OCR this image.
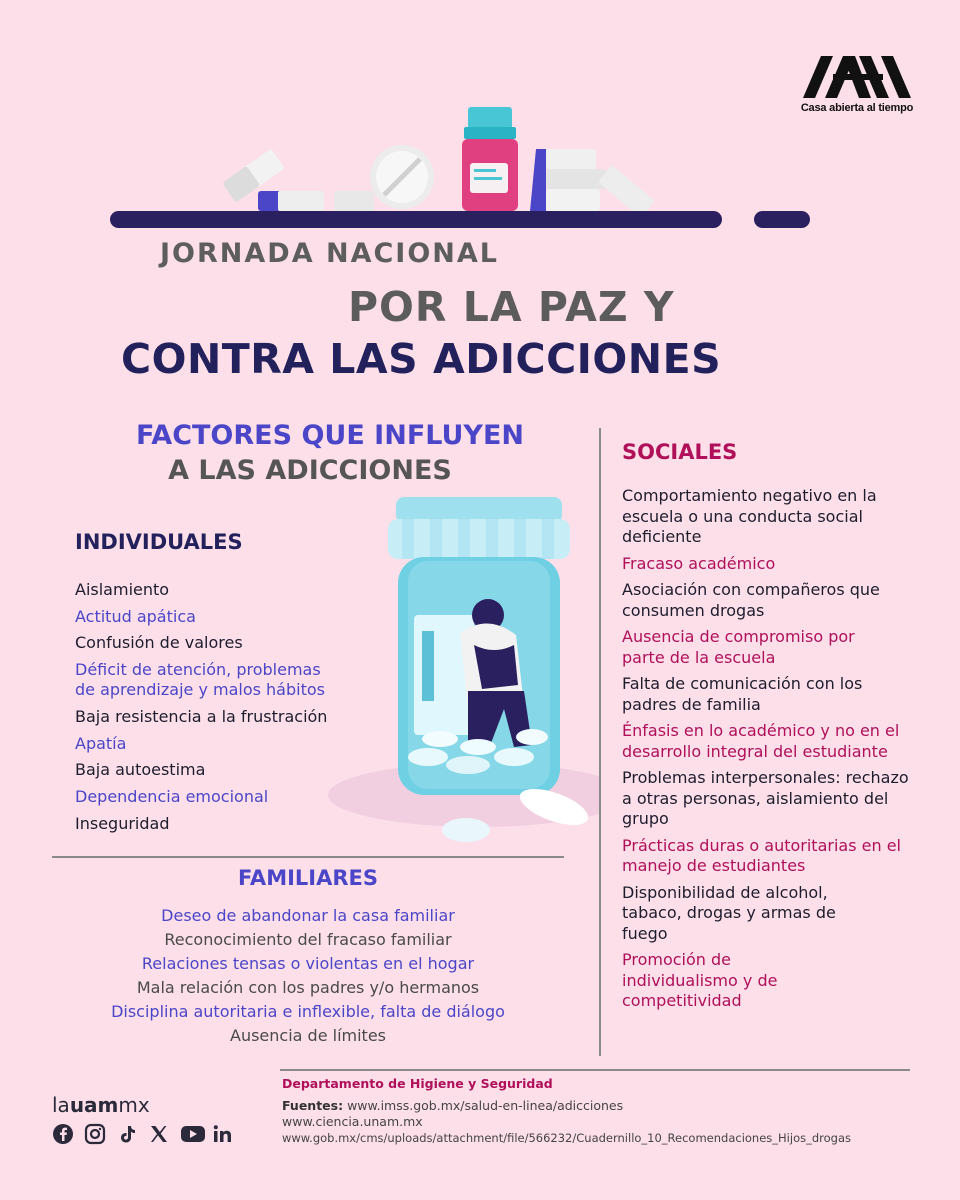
Casa abierta al tiempo
JORNADA NACIONAL
POR LA PAZ Y
CONTRA LAS ADICCIONES
FACTORES QUE INFLUYEN
A LAS ADICCIONES
INDIVIDUALES
Aislamiento
Actitud apática
Confusión de valores
Déficit de atención, problemas
de aprendizaje y malos hábitos
Baja resistencia a la frustración
Apatía
Baja autoestima
Dependencia emocional
Inseguridad
FAMILIARES
Deseo de abandonar la casa familiar
Reconocimiento del fracaso familiar
Relaciones tensas o violentas en el hogar
Mala relación con los padres y/o hermanos
Disciplina autoritaria e inflexible, falta de diálogo
Ausencia de límites
SOCIALES
Comportamiento negativo en la escuela o una conducta social deficiente
Fracaso académico
Asociación con compañeros que consumen drogas
Ausencia de compromiso por parte de la escuela
Falta de comunicación con los padres de familia
Énfasis en lo académico y no en el desarrollo integral del estudiante
Problemas interpersonales: rechazo a otras personas, aislamiento del grupo
Prácticas duras o autoritarias en el manejo de estudiantes
Disponibilidad de alcohol, tabaco, drogas y armas de fuego
Promoción de individualismo y de competitividad
Departamento de Higiene y Seguridad
Fuentes: www.imss.gob.mx/salud-en-linea/adicciones
www.ciencia.unam.mx
www.gob.mx/cms/uploads/attachment/file/566232/Cuadernillo_10_Recomendaciones_Hijos_drogas
lauammx
